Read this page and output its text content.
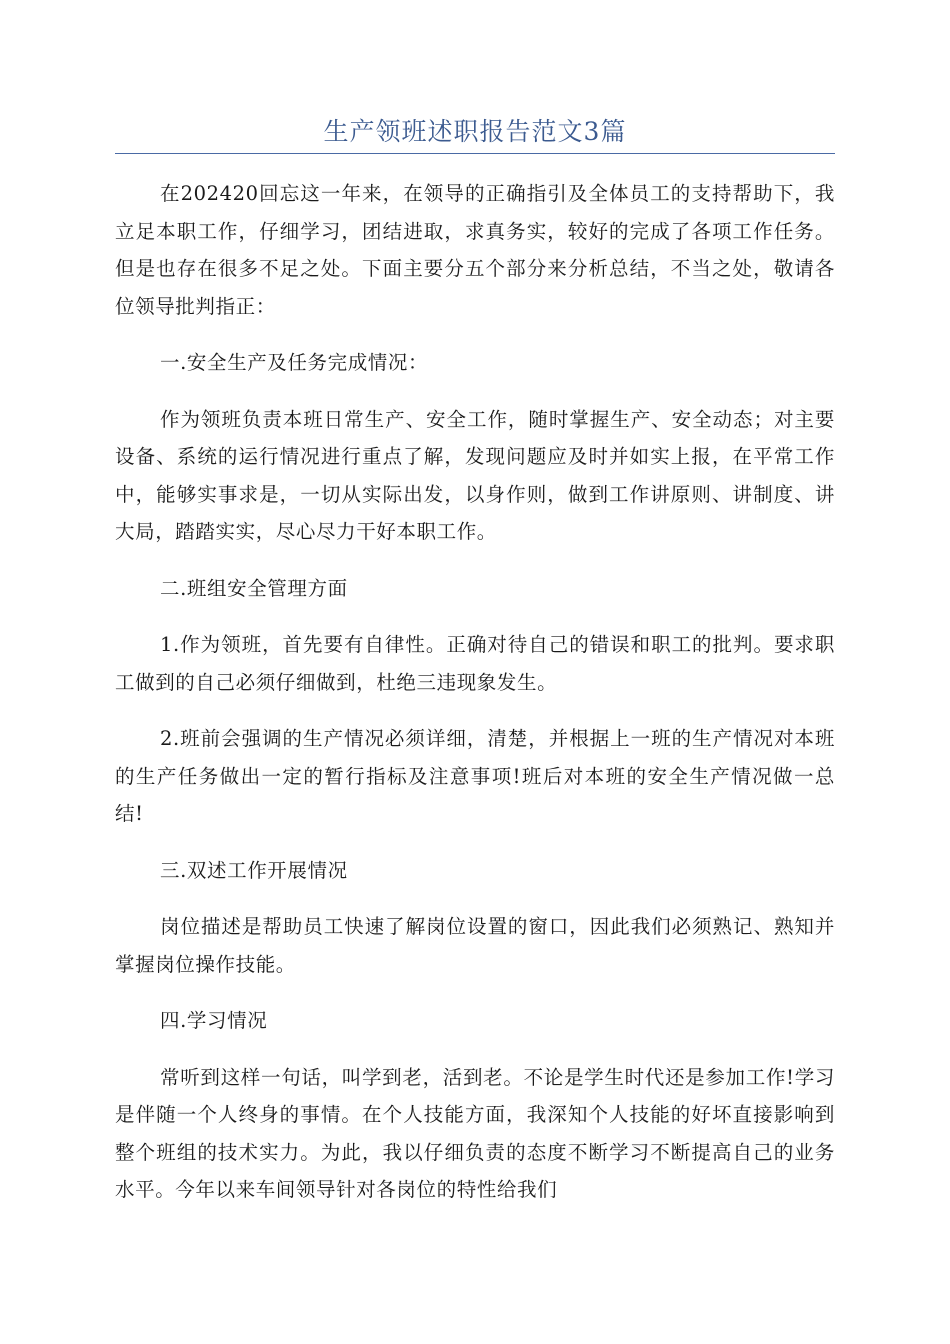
生产领班述职报告范文3篇

在202420回忘这一年来，在领导的正确指引及全体员工的支持帮助下，我立足本职工作，仔细学习，团结进取，求真务实，较好的完成了各项工作任务。但是也存在很多不足之处。下面主要分五个部分来分析总结，不当之处，敬请各位领导批判指正：

一.安全生产及任务完成情况：

作为领班负责本班日常生产、安全工作，随时掌握生产、安全动态；对主要设备、系统的运行情况进行重点了解，发现问题应及时并如实上报，在平常工作中，能够实事求是，一切从实际出发，以身作则，做到工作讲原则、讲制度、讲大局，踏踏实实，尽心尽力干好本职工作。

二.班组安全管理方面

1.作为领班，首先要有自律性。正确对待自己的错误和职工的批判。要求职工做到的自己必须仔细做到，杜绝三违现象发生。

2.班前会强调的生产情况必须详细，清楚，并根据上一班的生产情况对本班的生产任务做出一定的暂行指标及注意事项!班后对本班的安全生产情况做一总结!

三.双述工作开展情况

岗位描述是帮助员工快速了解岗位设置的窗口，因此我们必须熟记、熟知并掌握岗位操作技能。

四.学习情况

常听到这样一句话，叫学到老，活到老。不论是学生时代还是参加工作!学习是伴随一个人终身的事情。在个人技能方面，我深知个人技能的好坏直接影响到整个班组的技术实力。为此，我以仔细负责的态度不断学习不断提高自己的业务水平。今年以来车间领导针对各岗位的特性给我们
